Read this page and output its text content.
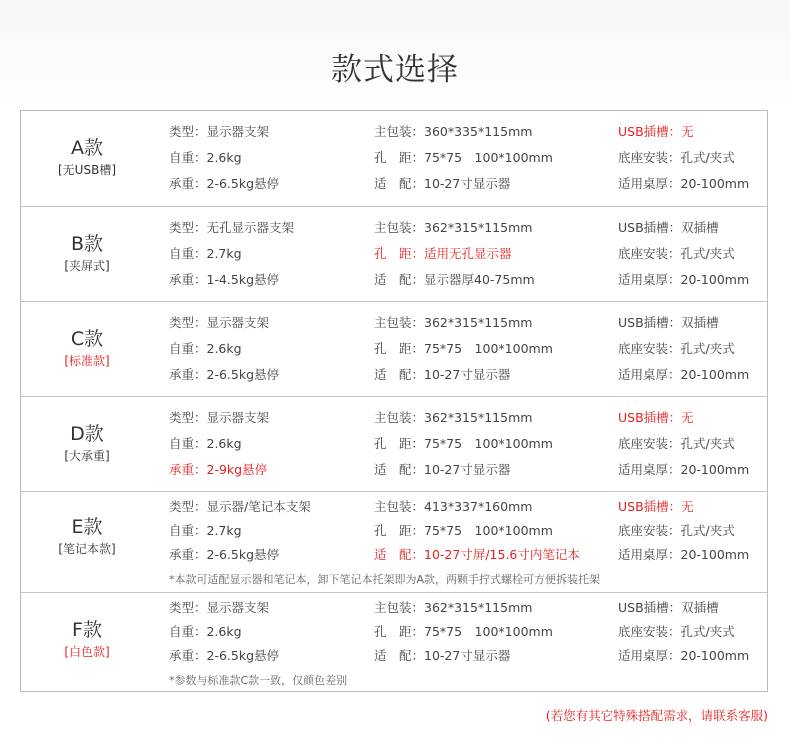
款式选择
A款
[无USB槽]
类型：显示器支架	主包装：360*335*115mm	USB插槽：无
自重：2.6kg	孔　距：75*75　100*100mm	底座安装：孔式/夹式
承重：2-6.5kg悬停	适　配：10-27寸显示器	适用桌厚：20-100mm
B款
[夹屏式]
类型：无孔显示器支架	主包装：362*315*115mm	USB插槽：双插槽
自重：2.7kg	孔　距：适用无孔显示器	底座安装：孔式/夹式
承重：1-4.5kg悬停	适　配：显示器厚40-75mm	适用桌厚：20-100mm
C款
[标准款]
类型：显示器支架	主包装：362*315*115mm	USB插槽：双插槽
自重：2.6kg	孔　距：75*75　100*100mm	底座安装：孔式/夹式
承重：2-6.5kg悬停	适　配：10-27寸显示器	适用桌厚：20-100mm
D款
[大承重]
类型：显示器支架	主包装：362*315*115mm	USB插槽：无
自重：2.6kg	孔　距：75*75　100*100mm	底座安装：孔式/夹式
承重：2-9kg悬停	适　配：10-27寸显示器	适用桌厚：20-100mm
E款
[笔记本款]
类型：显示器/笔记本支架	主包装：413*337*160mm	USB插槽：无
自重：2.7kg	孔　距：75*75　100*100mm	底座安装：孔式/夹式
承重：2-6.5kg悬停	适　配：10-27寸屏/15.6寸内笔记本	适用桌厚：20-100mm
*本款可适配显示器和笔记本，卸下笔记本托架即为A款，两颗手拧式螺栓可方便拆装托架
F款
[白色款]
类型：显示器支架	主包装：362*315*115mm	USB插槽：双插槽
自重：2.6kg	孔　距：75*75　100*100mm	底座安装：孔式/夹式
承重：2-6.5kg悬停	适　配：10-27寸显示器	适用桌厚：20-100mm
*参数与标准款C款一致，仅颜色差别
(若您有其它特殊搭配需求，请联系客服)
